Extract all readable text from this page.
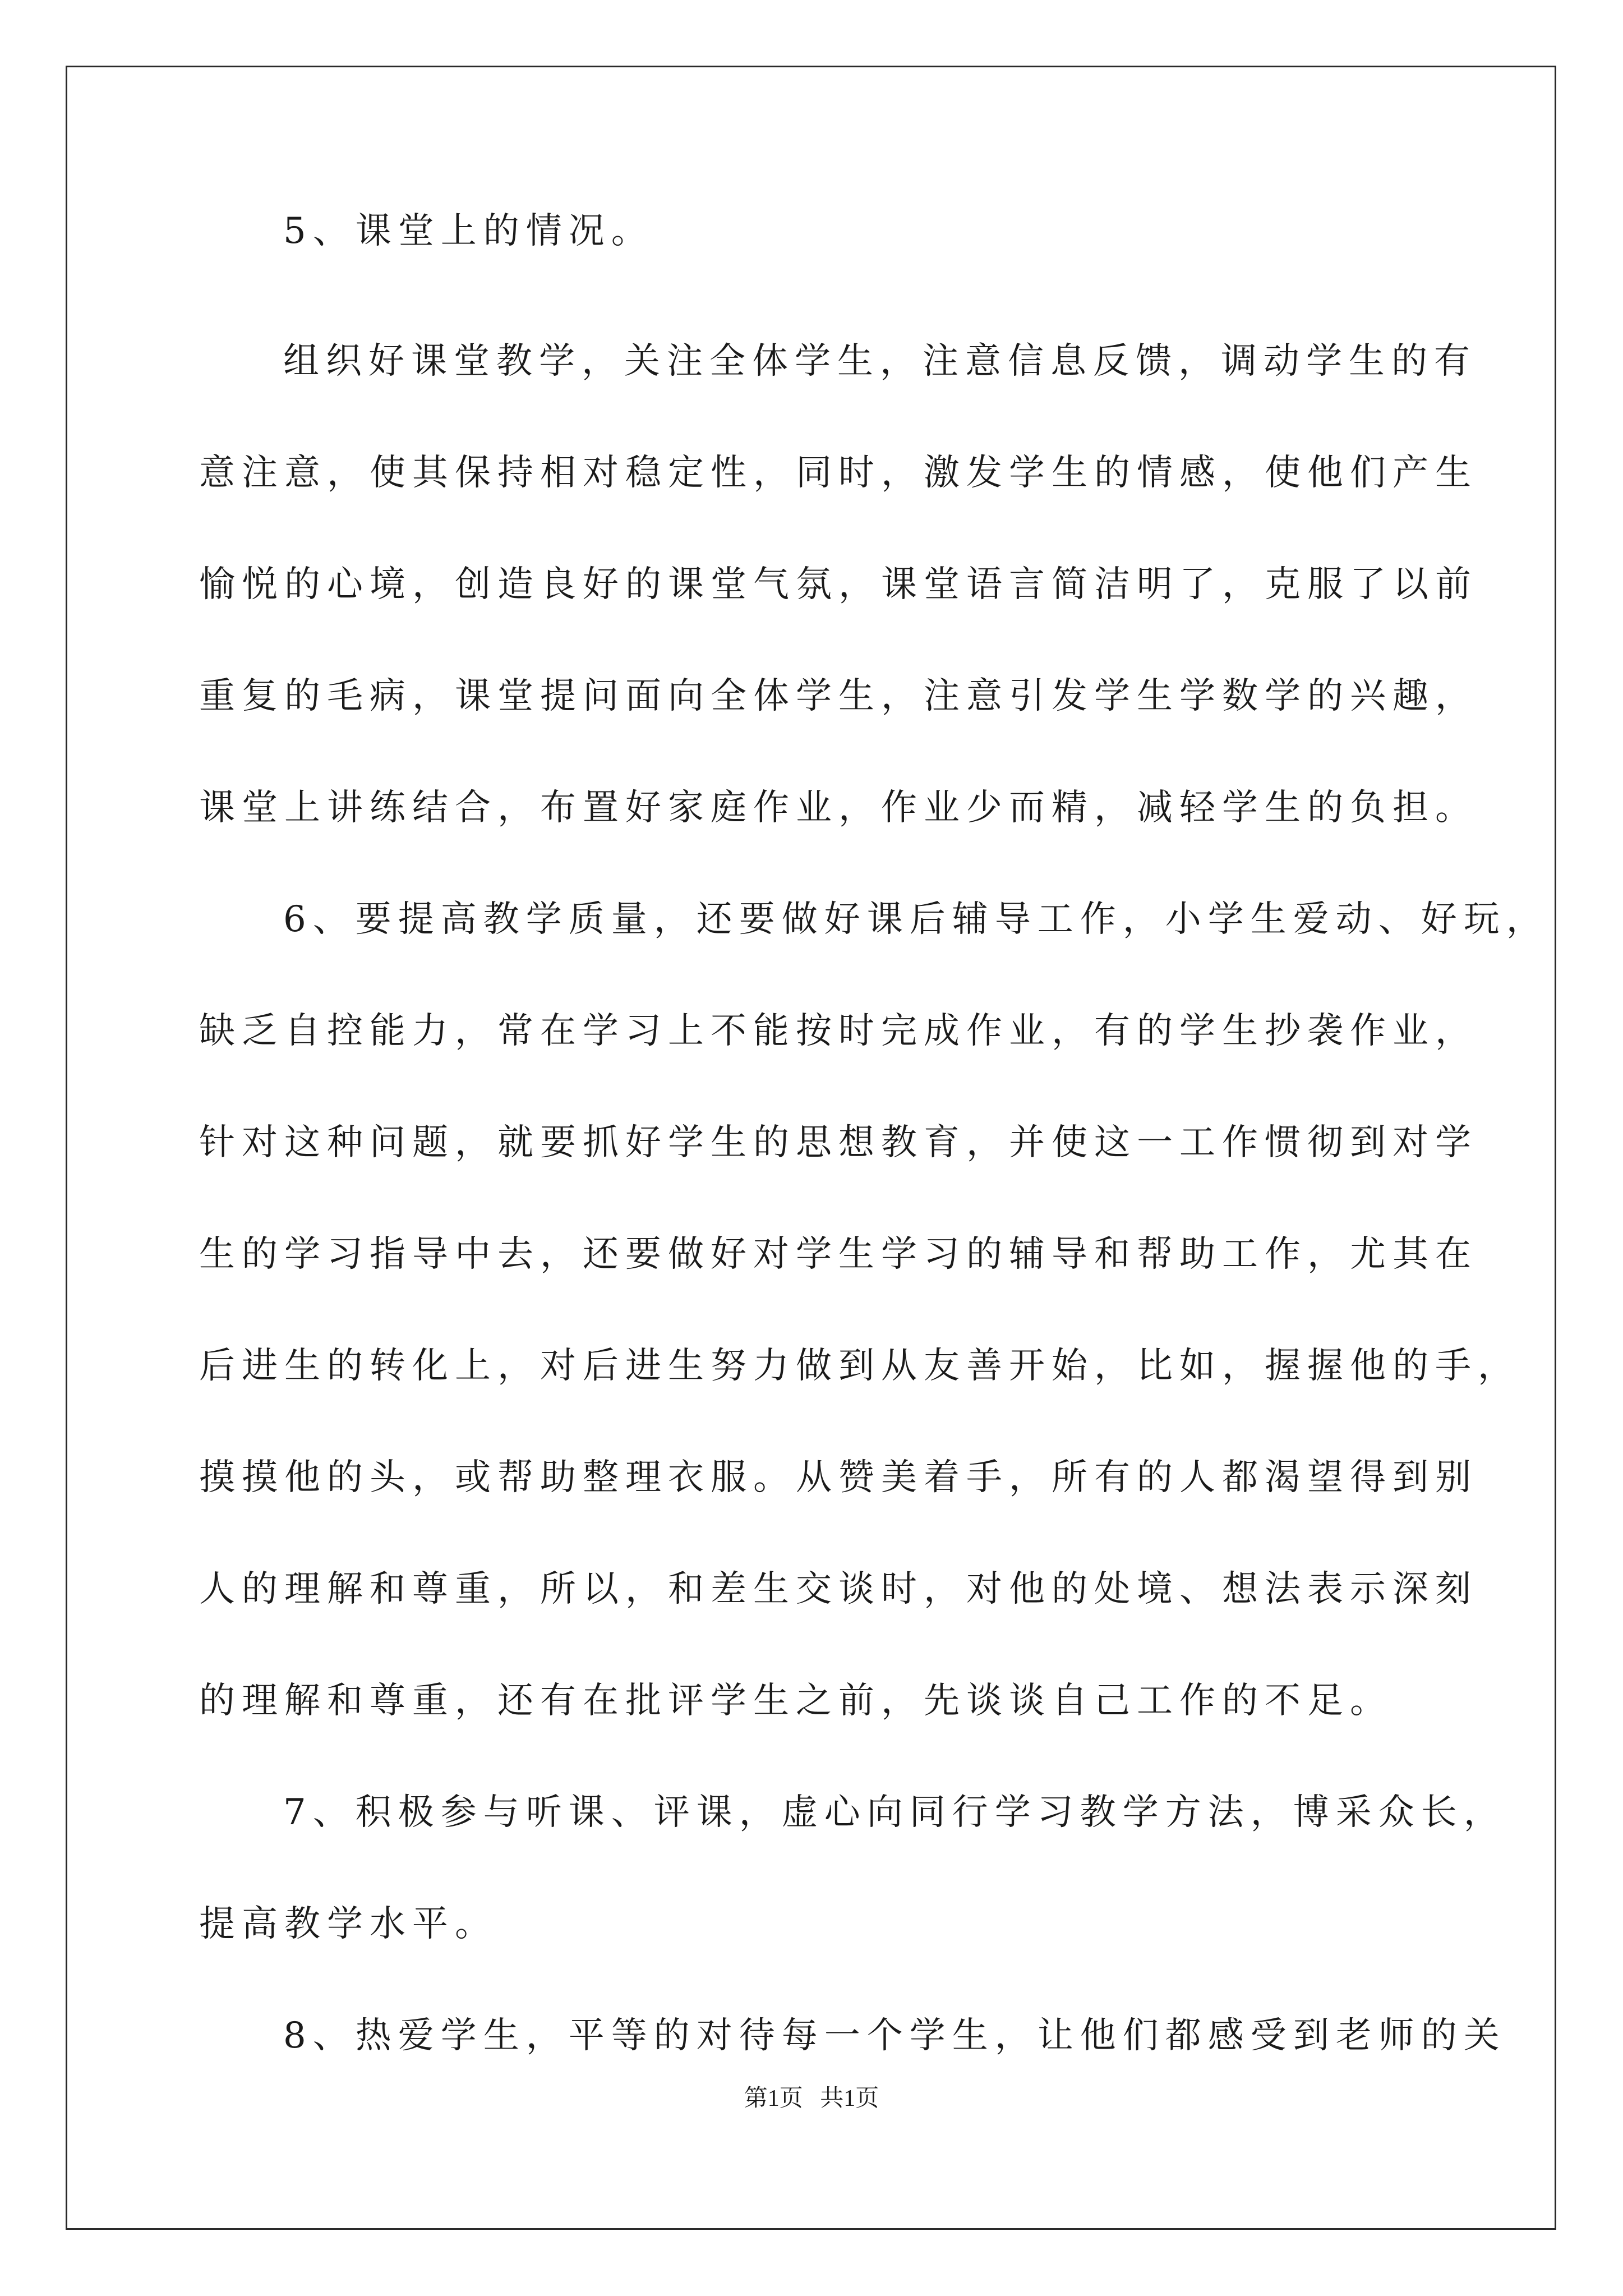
5、课堂上的情况。
组织好课堂教学，关注全体学生，注意信息反馈，调动学生的有
意注意，使其保持相对稳定性，同时，激发学生的情感，使他们产生
愉悦的心境，创造良好的课堂气氛，课堂语言简洁明了，克服了以前
重复的毛病，课堂提问面向全体学生，注意引发学生学数学的兴趣，
课堂上讲练结合，布置好家庭作业，作业少而精，减轻学生的负担。
6、要提高教学质量，还要做好课后辅导工作，小学生爱动、好玩，
缺乏自控能力，常在学习上不能按时完成作业，有的学生抄袭作业，
针对这种问题，就要抓好学生的思想教育，并使这一工作惯彻到对学
生的学习指导中去，还要做好对学生学习的辅导和帮助工作，尤其在
后进生的转化上，对后进生努力做到从友善开始，比如，握握他的手，
摸摸他的头，或帮助整理衣服。从赞美着手，所有的人都渴望得到别
人的理解和尊重，所以，和差生交谈时，对他的处境、想法表示深刻
的理解和尊重，还有在批评学生之前，先谈谈自己工作的不足。
7、积极参与听课、评课，虚心向同行学习教学方法，博采众长，
提高教学水平。
8、热爱学生，平等的对待每一个学生，让他们都感受到老师的关
第1页 共1页
